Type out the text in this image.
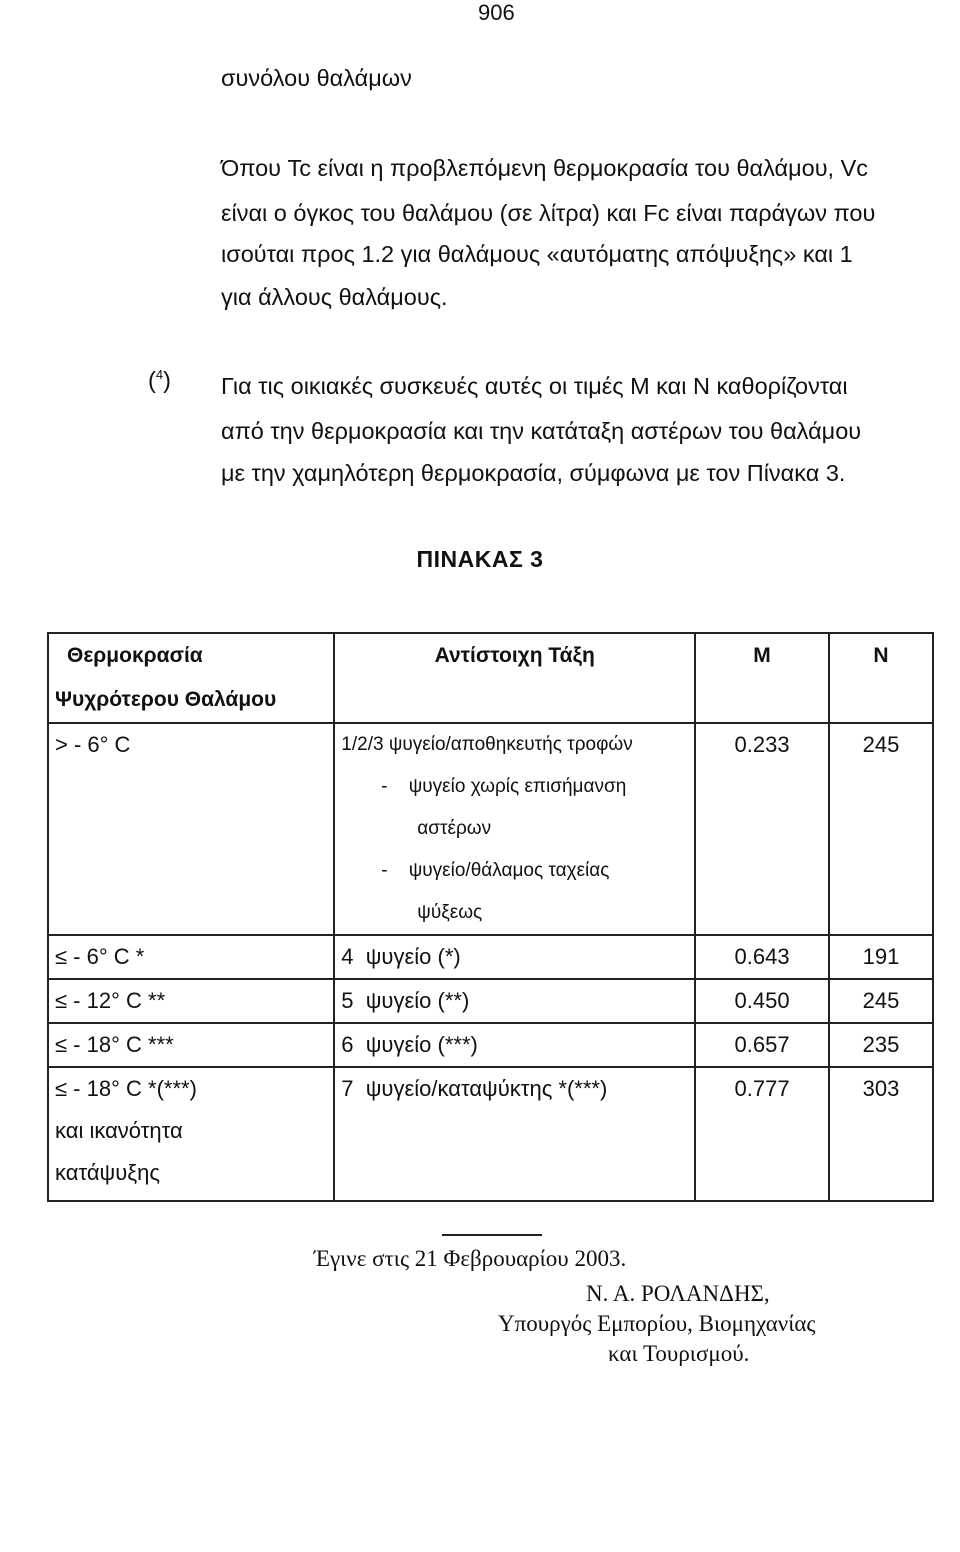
906
συνόλου θαλάμων
Όπου Tc είναι η προβλεπόμενη θερμοκρασία του θαλάμου, Vc
είναι ο όγκος του θαλάμου (σε λίτρα) και Fc είναι παράγων που
ισούται προς 1.2 για θαλάμους «αυτόματης απόψυξης» και 1
για άλλους θαλάμους.
($^4$) Για τις οικιακές συσκευές αυτές οι τιμές Μ και Ν καθορίζονται
από την θερμοκρασία και την κατάταξη αστέρων του θαλάμου
με την χαμηλότερη θερμοκρασία, σύμφωνα με τον Πίνακα 3.
ΠΙΝΑΚΑΣ 3
Θερμοκρασία
Ψυχρότερου Θαλάμου	Αντίστοιχη Τάξη	Μ	Ν

> - 6° C	1/2/3 ψυγείο/αποθηκευτής τροφών
-    ψυγείο χωρίς επισήμανση
αστέρων
-    ψυγείο/θάλαμος ταχείας
ψύξεως	0.233	245

≤ - 6° C *	4  ψυγείο (*)	0.643	191

≤ - 12° C **	5  ψυγείο (**)	0.450	245

≤ - 18° C ***	6  ψυγείο (***)	0.657	235

≤ - 18° C *(***)
και ικανότητα
κατάψυξης	7  ψυγείο/καταψύκτης *(***)	0.777	303
Έγινε στις 21 Φεβρουαρίου 2003.
Ν. Α. ΡΟΛΑΝΔΗΣ,
Υπουργός Εμπορίου, Βιομηχανίας
και Τουρισμού.
